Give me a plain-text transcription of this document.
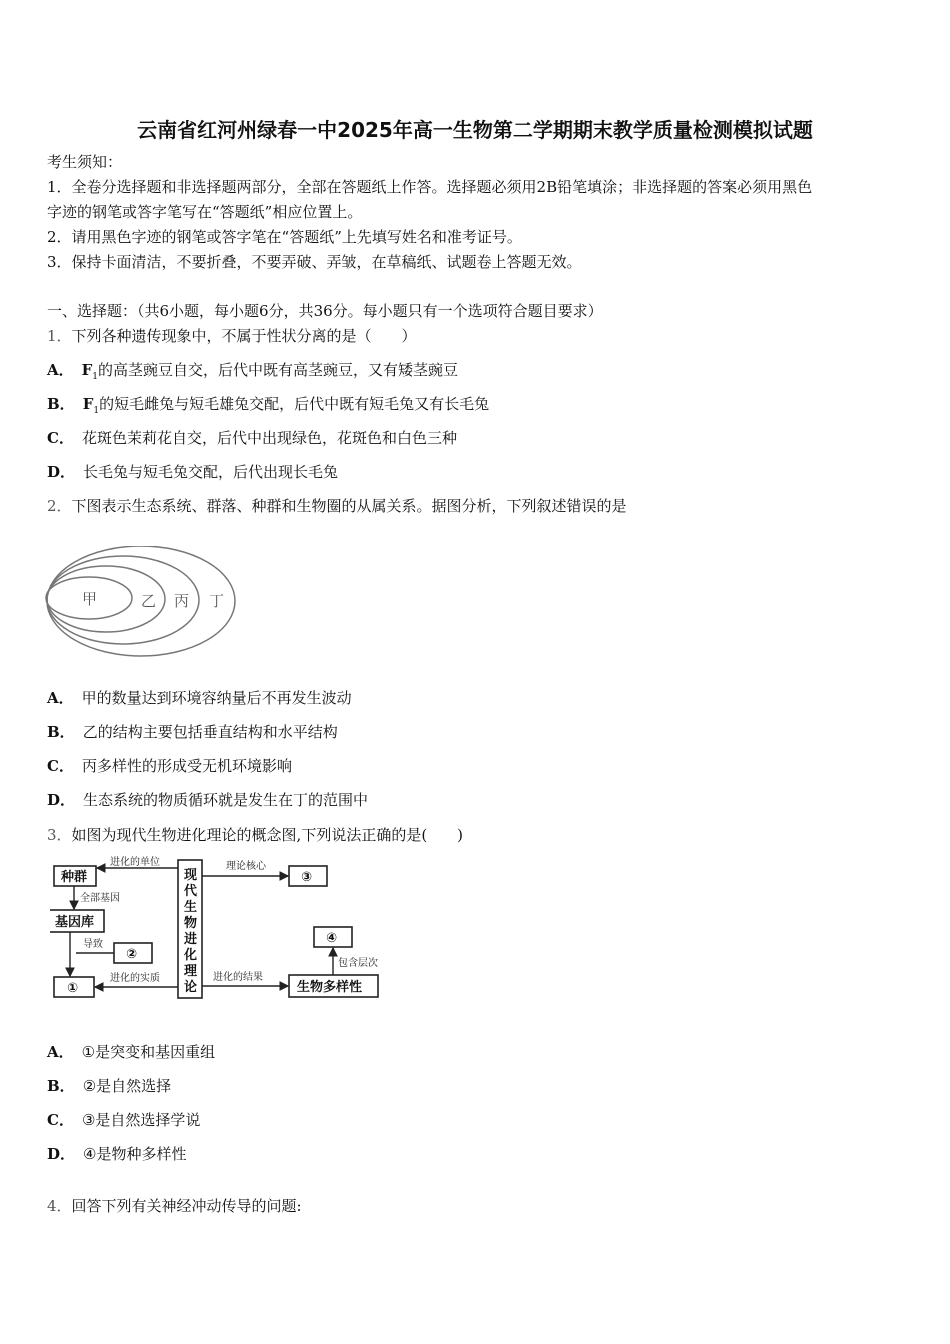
云南省红河州绿春一中2025年高一生物第二学期期末教学质量检测模拟试题
考生须知：
1．全卷分选择题和非选择题两部分，全部在答题纸上作答。选择题必须用2B铅笔填涂；非选择题的答案必须用黑色
字迹的钢笔或答字笔写在“答题纸”相应位置上。
2．请用黑色字迹的钢笔或答字笔在“答题纸”上先填写姓名和准考证号。
3．保持卡面清洁，不要折叠，不要弄破、弄皱，在草稿纸、试题卷上答题无效。
一、选择题：（共6小题，每小题6分，共36分。每小题只有一个选项符合题目要求）
1．下列各种遗传现象中，不属于性状分离的是（　　）
A． $F_1$的高茎豌豆自交，后代中既有高茎豌豆，又有矮茎豌豆
B． $F_1$的短毛雌兔与短毛雄兔交配，后代中既有短毛兔又有长毛兔
C． 花斑色茉莉花自交，后代中出现绿色，花斑色和白色三种
D． 长毛兔与短毛兔交配，后代出现长毛兔
2．下图表示生态系统、群落、种群和生物圈的从属关系。据图分析，下列叙述错误的是
甲	乙 丙 丁
A． 甲的数量达到环境容纳量后不再发生波动
B． 乙的结构主要包括垂直结构和水平结构
C． 丙多样性的形成受无机环境影响
D． 生态系统的物质循环就是发生在丁的范围中
3．如图为现代生物进化理论的概念图,下列说法正确的是(　　)
种群
基因库
②
①
③
④
生物多样性
现
代
生
物
进
化
理
论
进化的单位
全部基因
导致
进化的实质
理论核心
进化的结果
包含层次
A． ①是突变和基因重组
B． ②是自然选择
C． ③是自然选择学说
D． ④是物种多样性
4．回答下列有关神经冲动传导的问题:
